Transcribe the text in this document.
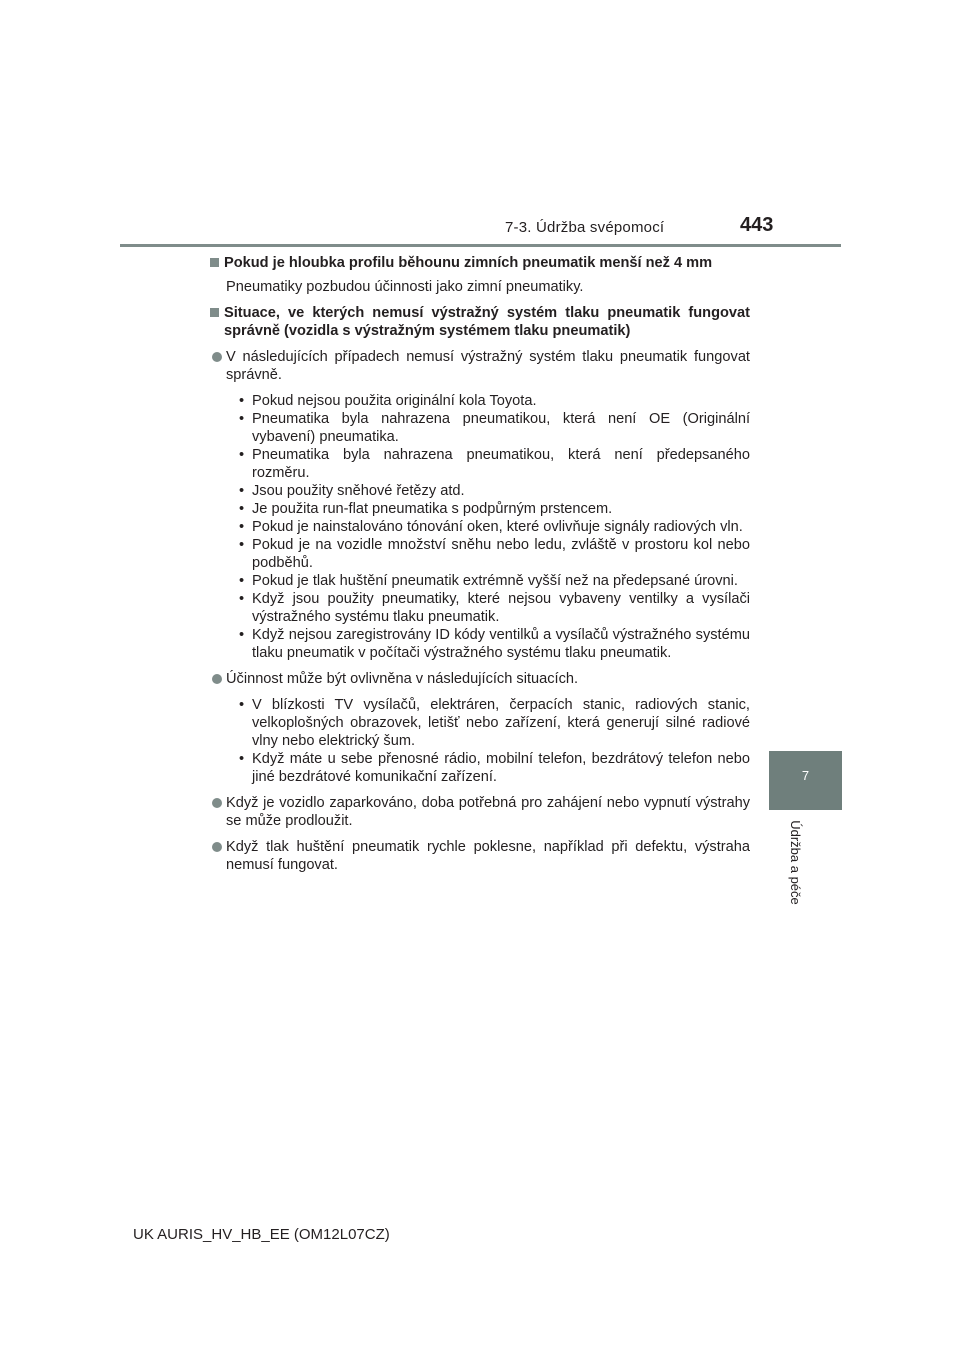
7-3. Údržba svépomocí	443
7
Údržba a péče
Pokud je hloubka profilu běhounu zimních pneumatik menší než 4 mm
Pneumatiky pozbudou účinnosti jako zimní pneumatiky.
Situace, ve kterých nemusí výstražný systém tlaku pneumatik fungovat správně (vozidla s výstražným systémem tlaku pneumatik)
V následujících případech nemusí výstražný systém tlaku pneumatik fungovat správně.
• Pokud nejsou použita originální kola Toyota.
• Pneumatika byla nahrazena pneumatikou, která není OE (Originální vybavení) pneumatika.
• Pneumatika byla nahrazena pneumatikou, která není předepsaného rozměru.
• Jsou použity sněhové řetězy atd.
• Je použita run-flat pneumatika s podpůrným prstencem.
• Pokud je nainstalováno tónování oken, které ovlivňuje signály radiových vln.
• Pokud je na vozidle množství sněhu nebo ledu, zvláště v prostoru kol nebo podběhů.
• Pokud je tlak huštění pneumatik extrémně vyšší než na předepsané úrovni.
• Když jsou použity pneumatiky, které nejsou vybaveny ventilky a vysílači výstražného systému tlaku pneumatik.
• Když nejsou zaregistrovány ID kódy ventilků a vysílačů výstražného systému tlaku pneumatik v počítači výstražného systému tlaku pneumatik.
Účinnost může být ovlivněna v následujících situacích.
• V blízkosti TV vysílačů, elektráren, čerpacích stanic, radiových stanic, velkoplošných obrazovek, letišť nebo zařízení, která generují silné radiové vlny nebo elektrický šum.
• Když máte u sebe přenosné rádio, mobilní telefon, bezdrátový telefon nebo jiné bezdrátové komunikační zařízení.
Když je vozidlo zaparkováno, doba potřebná pro zahájení nebo vypnutí výstrahy se může prodloužit.
Když tlak huštění pneumatik rychle poklesne, například při defektu, výstraha nemusí fungovat.
UK AURIS_HV_HB_EE (OM12L07CZ)
